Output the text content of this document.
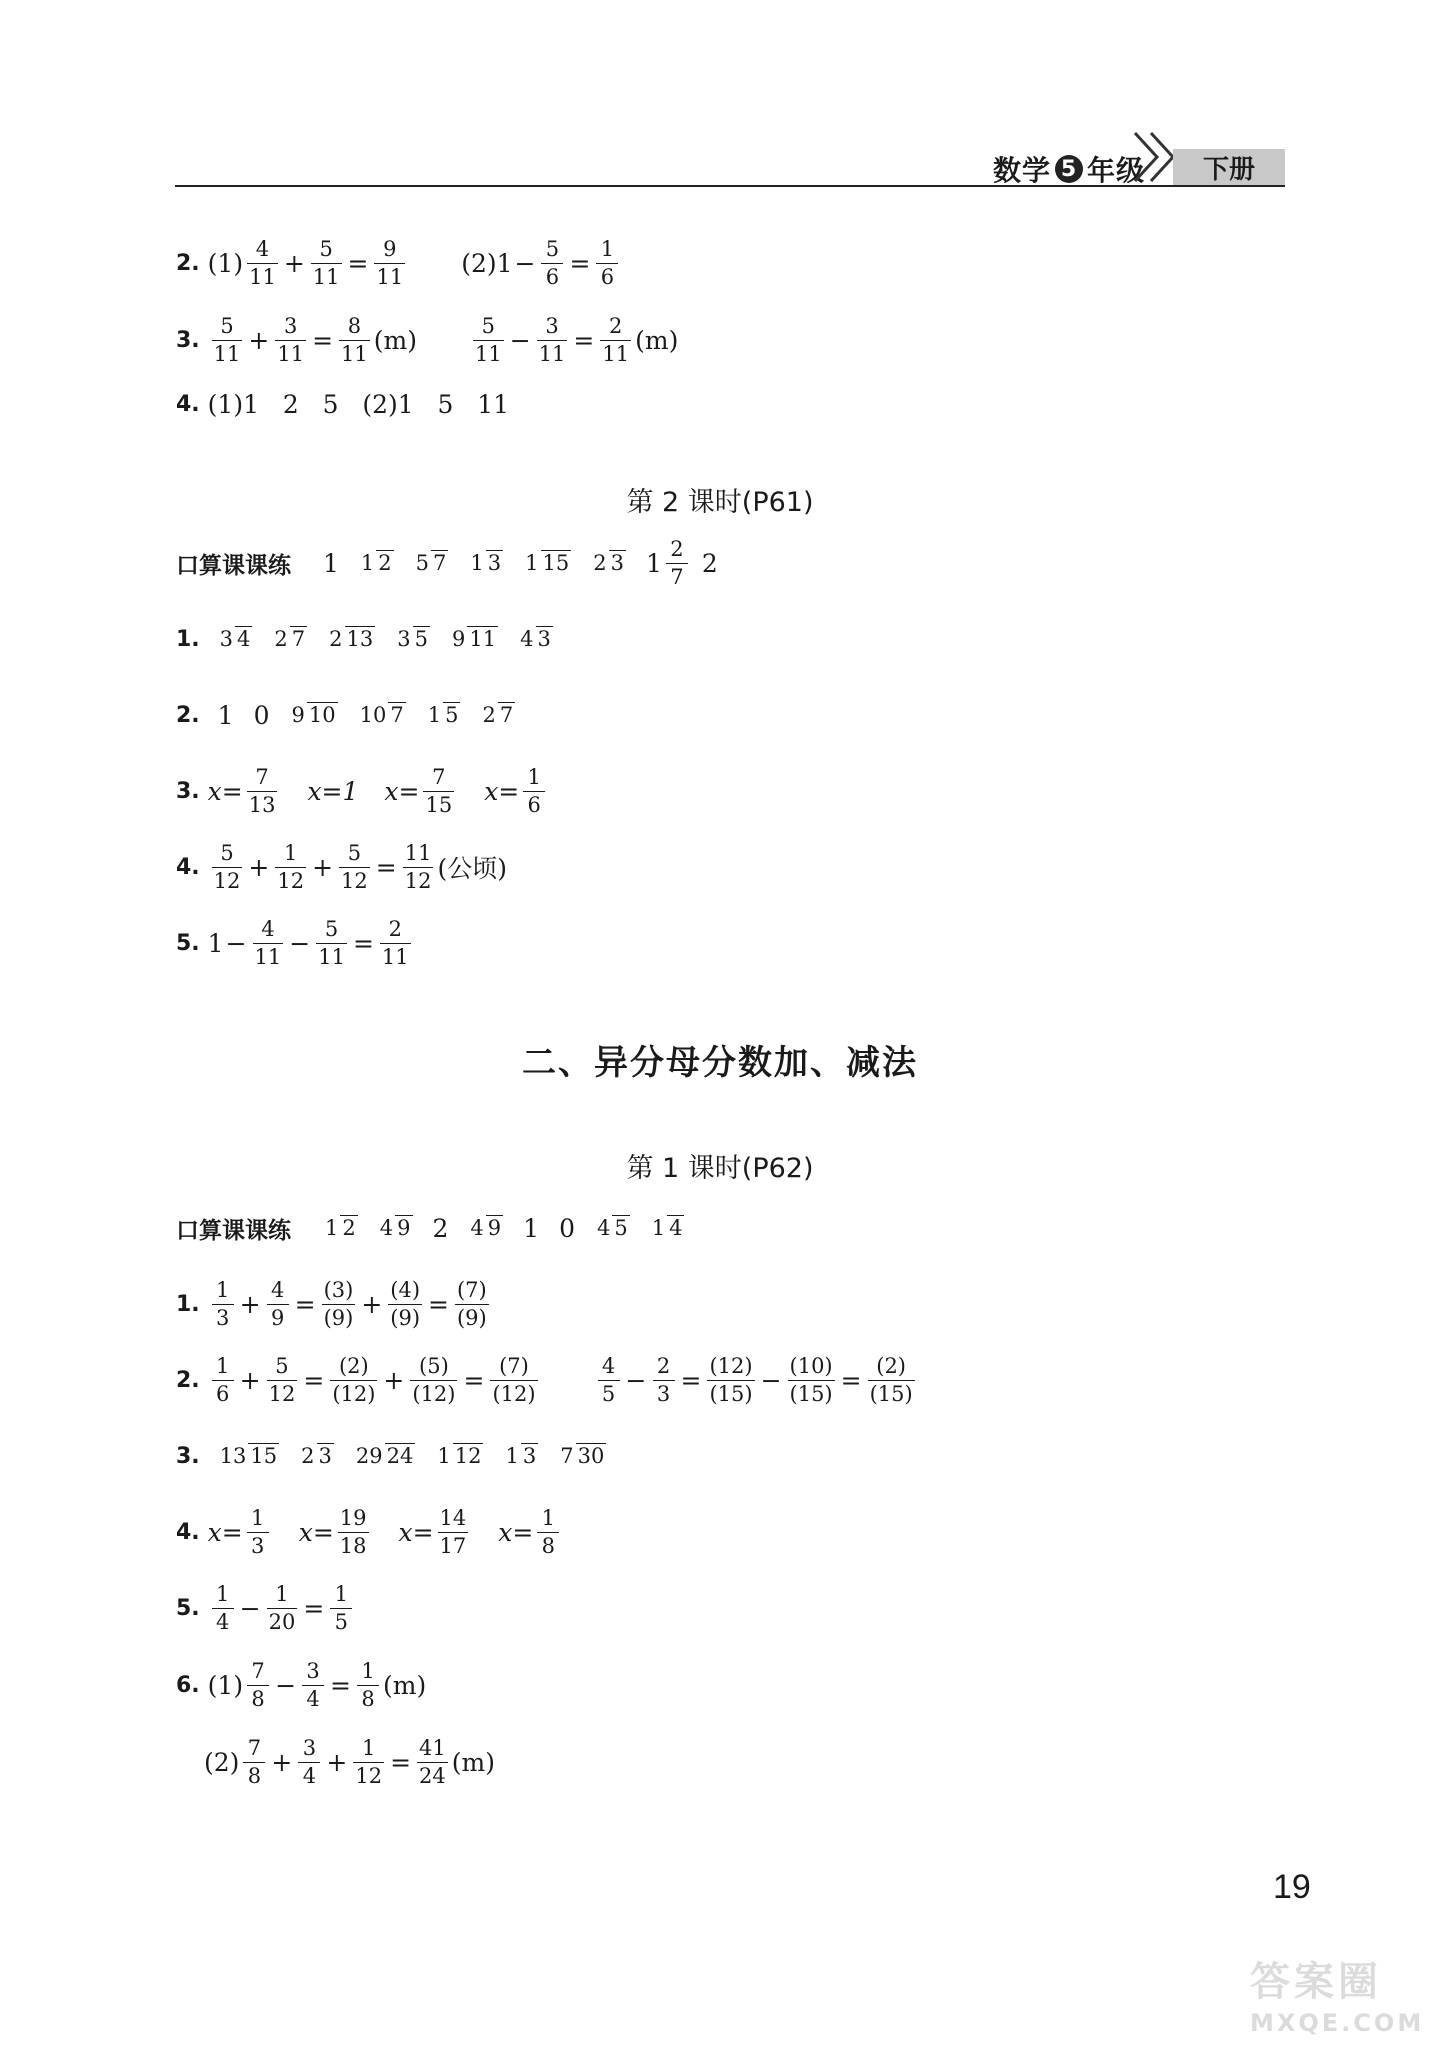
数学 5 年级	下册
2. $(1) \frac{4}{11} + \frac{5}{11} = \frac{9}{11} (2)1 - \frac{5}{6} = \frac{1}{6}$
3. $\frac{5}{11} + \frac{3}{11} = \frac{8}{11} (m)$	$\frac{5}{11} - \frac{3}{11} = \frac{2}{11} (m)$
4. (1)1   2   5   (2)1   5   11
第 2 课时(P61)
口算课课练 1 1 2 5 7 1 3 1 15 2 3 $1 \frac{2}{7} 2$
1. 3 4 2 7 2 13 3 5 9 11 4 3
2. 1 0 9 10 10 7 1 5 2 7
3. $x= \frac{7}{13} x=1$ $x= \frac{7}{15} x= \frac{1}{6}$
4. $\frac{5}{12} + \frac{1}{12} + \frac{5}{12} = \frac{11}{12}$ (公顷)
5. $1 - \frac{4}{11} - \frac{5}{11} = \frac{2}{11}$
二、异分母分数加、减法
第 1 课时(P62)
口算课课练 1 2 4 9 2 4 9 1 0 4 5 1 4
1. $\frac{1}{3} + \frac{4}{9} = \frac{(3)}{(9)} + \frac{(4)}{(9)} = \frac{(7)}{(9)}$
2. $\frac{1}{6} + \frac{5}{12} = \frac{(2)}{(12)} + \frac{(5)}{(12)} = \frac{(7)}{(12)}$	$\frac{4}{5} - \frac{2}{3} = \frac{(12)}{(15)} - \frac{(10)}{(15)} = \frac{(2)}{(15)}$
3. 13 15 2 3 29 24 1 12 1 3 7 30
4. $x= \frac{1}{3} x= \frac{19}{18} x= \frac{14}{17} x= \frac{1}{8}$
5. $\frac{1}{4} - \frac{1}{20} = \frac{1}{5}$
6. $(1) \frac{7}{8} - \frac{3}{4} = \frac{1}{8} (m)$
$(2) \frac{7}{8} + \frac{3}{4} + \frac{1}{12} = \frac{41}{24} (m)$
19
答案圈
MXQE.COM
